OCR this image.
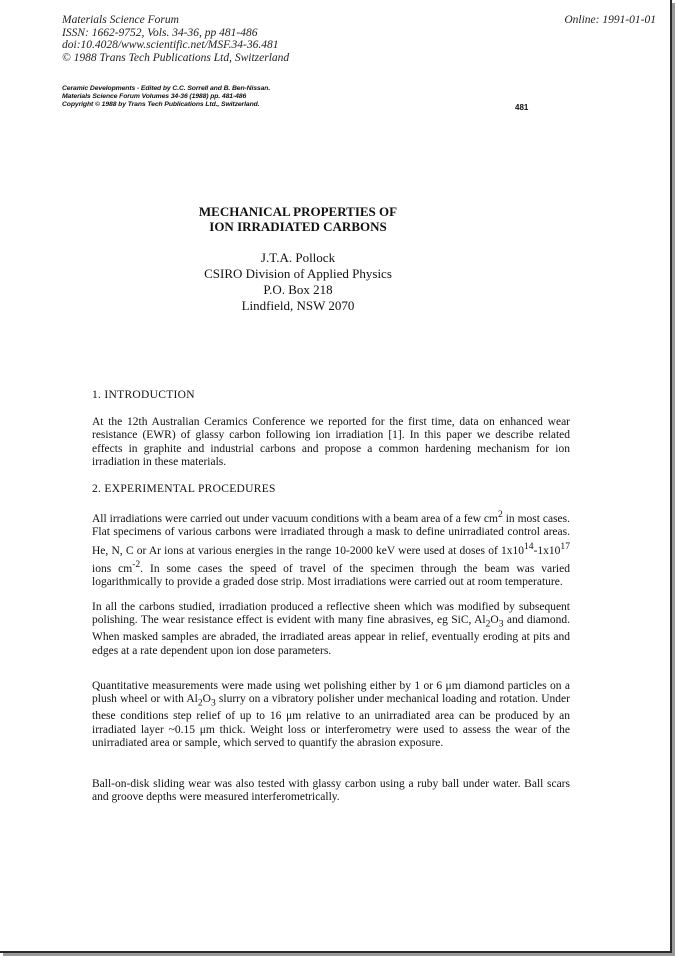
Materials Science Forum
ISSN: 1662-9752, Vols. 34-36, pp 481-486
doi:10.4028/www.scientific.net/MSF.34-36.481
© 1988 Trans Tech Publications Ltd, Switzerland
Online: 1991-01-01
Ceramic Developments - Edited by C.C. Sorrell and B. Ben-Nissan.
Materials Science Forum Volumes 34-36 (1988) pp. 481-486
Copyright © 1988 by Trans Tech Publications Ltd., Switzerland.	481
MECHANICAL PROPERTIES OF
ION IRRADIATED CARBONS
J.T.A. Pollock
CSIRO Division of Applied Physics
P.O. Box 218
Lindfield, NSW 2070
1. INTRODUCTION

At the 12th Australian Ceramics Conference we reported for the first time, data on enhanced wear resistance (EWR) of glassy carbon following ion irradiation [1]. In this paper we describe related effects in graphite and industrial carbons and propose a common hardening mechanism for ion irradiation in these materials.

2. EXPERIMENTAL PROCEDURES

All irradiations were carried out under vacuum conditions with a beam area of a few $cm^2$ in most cases. Flat specimens of various carbons were irradiated through a mask to define unirradiated control areas. He, N, C or Ar ions at various energies in the range 10-2000 keV were used at doses of $1x10^{14}-1x10^{17}$ ions $cm^{-2}$. In some cases the speed of travel of the specimen through the beam was varied logarithmically to provide a graded dose strip. Most irradiations were carried out at room temperature.

In all the carbons studied, irradiation produced a reflective sheen which was modified by subsequent polishing. The wear resistance effect is evident with many fine abrasives, eg SiC, $Al_2O_3$ and diamond. When masked samples are abraded, the irradiated areas appear in relief, eventually eroding at pits and edges at a rate dependent upon ion dose parameters.

Quantitative measurements were made using wet polishing either by 1 or 6 μm diamond particles on a plush wheel or with $Al_2O_3$ slurry on a vibratory polisher under mechanical loading and rotation. Under these conditions step relief of up to 16 μm relative to an unirradiated area can be produced by an irradiated layer ~0.15 μm thick. Weight loss or interferometry were used to assess the wear of the unirradiated area or sample, which served to quantify the abrasion exposure.

Ball-on-disk sliding wear was also tested with glassy carbon using a ruby ball under water. Ball scars and groove depths were measured interferometrically.
